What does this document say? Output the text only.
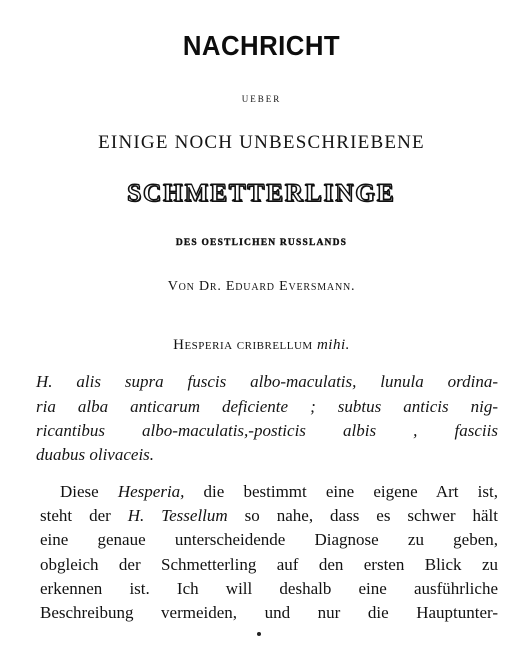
NACHRICHT
UEBER
EINIGE NOCH UNBESCHRIEBENE
SCHMETTERLINGE
DES OESTLICHEN RUSSLANDS
Von Dr. Eduard Eversmann.
Hesperia cribrellum mihi.
H. alis supra fuscis albo-maculatis, lunula ordina-
ria alba anticarum deficiente ; subtus anticis nig-
ricantibus albo-maculatis,-posticis albis , fasciis
duabus olivaceis.
Diese Hesperia, die bestimmt eine eigene Art ist,
steht der H. Tessellum so nahe, dass es schwer hält
eine genaue unterscheidende Diagnose zu geben,
obgleich der Schmetterling auf den ersten Blick zu
erkennen ist. Ich will deshalb eine ausführliche
Beschreibung vermeiden, und nur die Hauptunter-
